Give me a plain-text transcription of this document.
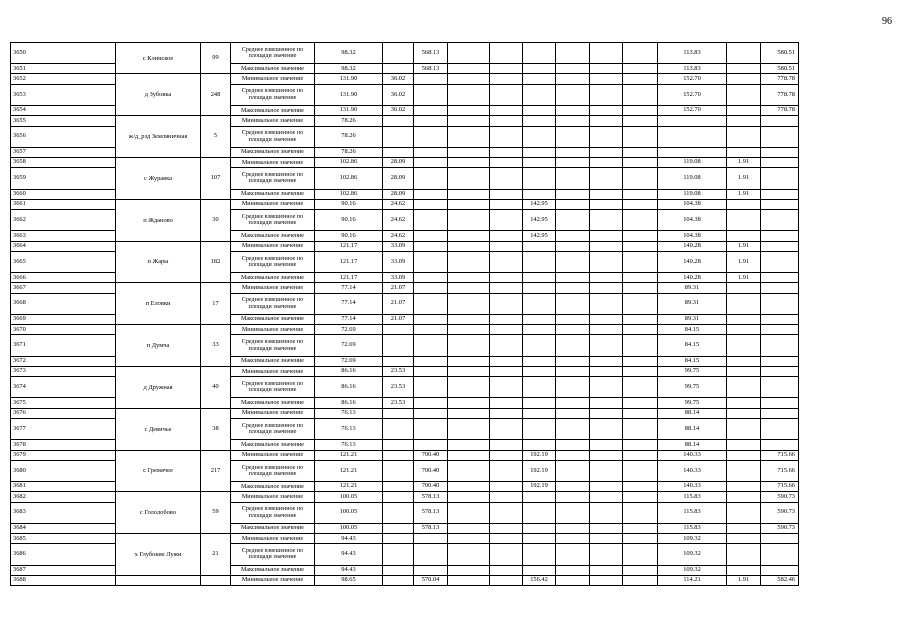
96
3650	с Клинское	99	Среднее взвешенное по площади значение	98.32		568.13							113.83		580.51
3651			Максимальное значение	98.32		568.13							113.83		580.51
3652	д Зубовка	248	Минимальное значение	131.90	36.02								152.70		778.78
3653			Среднее взвешенное по площади значение	131.90	36.02								152.70		778.78
3654			Максимальное значение	131.90	36.02								152.70		778.78
3655	ж/д_рзд Земляничная	5	Минимальное значение	78.26											
3656			Среднее взвешенное по площади значение	78.26											
3657			Максимальное значение	78.26											
3658	с Журавка	107	Минимальное значение	102.86	28.09								119.08	1.91	
3659			Среднее взвешенное по площади значение	102.86	28.09								119.08	1.91	
3660			Максимальное значение	102.86	28.09								119.08	1.91	
3661	п Жданово	30	Минимальное значение	90.16	24.62				142.95				104.38		
3662			Среднее взвешенное по площади значение	90.16	24.62				142.95				104.38		
3663			Максимальное значение	90.16	24.62				142.95				104.38		
3664	п Жары	182	Минимальное значение	121.17	33.09								140.28	1.91	
3665			Среднее взвешенное по площади значение	121.17	33.09								140.28	1.91	
3666			Максимальное значение	121.17	33.09								140.28	1.91	
3667	п Еловки	17	Минимальное значение	77.14	21.07								89.31		
3668			Среднее взвешенное по площади значение	77.14	21.07								89.31		
3669			Максимальное значение	77.14	21.07								89.31		
3670	п Думча	33	Минимальное значение	72.69									84.15		
3671			Среднее взвешенное по площади значение	72.69									84.15		
3672			Максимальное значение	72.69									84.15		
3673	д Дружная	40	Минимальное значение	86.16	23.53								99.75		
3674			Среднее взвешенное по площади значение	86.16	23.53								99.75		
3675			Максимальное значение	86.16	23.53								99.75		
3676	с Девичье	38	Минимальное значение	76.13									88.14		
3677			Среднее взвешенное по площади значение	76.13									88.14		
3678			Максимальное значение	76.13									88.14		
3679	с Гремячее	217	Минимальное значение	121.21		700.40			192.19				140.33		715.66
3680			Среднее взвешенное по площади значение	121.21		700.40			192.19				140.33		715.66
3681			Максимальное значение	121.21		700.40			192.19				140.33		715.66
3682	с Гололобово	59	Минимальное значение	100.05		578.13							115.83		590.73
3683			Среднее взвешенное по площади значение	100.05		578.13							115.83		590.73
3684			Максимальное значение	100.05		578.13							115.83		590.73
3685	х Глубокие Лужи	21	Минимальное значение	94.43									109.32		
3686			Среднее взвешенное по площади значение	94.43									109.32		
3687			Максимальное значение	94.43									109.32		
3688			Минимальное значение	98.65		570.04			156.42				114.21	1.91	582.46
